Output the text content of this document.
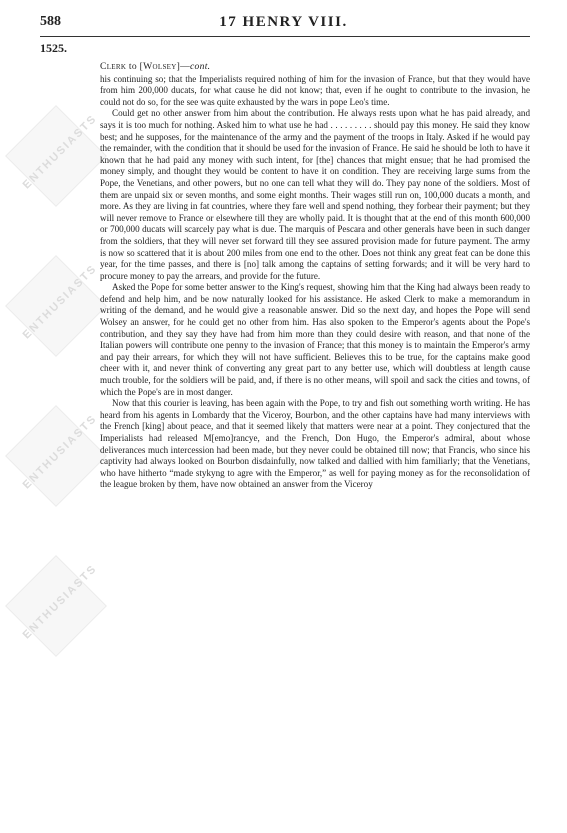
588	17 HENRY VIII.
1525.
ENTHUSIASTS
ENTHUSIASTS
ENTHUSIASTS
ENTHUSIASTS
Clerk to [Wolsey]—cont.

his continuing so; that the Imperialists required nothing of him for the invasion of France, but that they would have from him 200,000 ducats, for what cause he did not know; that, even if he ought to contribute to the invasion, he could not do so, for the see was quite exhausted by the wars in pope Leo's time.

Could get no other answer from him about the contribution. He always rests upon what he has paid already, and says it is too much for nothing. Asked him to what use he had . . . . . . . . . should pay this money. He said they know best; and he supposes, for the maintenance of the army and the payment of the troops in Italy. Asked if he would pay the remainder, with the condition that it should be used for the invasion of France. He said he should be loth to have it known that he had paid any money with such intent, for [the] chances that might ensue; that he had promised the money simply, and thought they would be content to have it on condition. They are receiving large sums from the Pope, the Venetians, and other powers, but no one can tell what they will do. They pay none of the soldiers. Most of them are unpaid six or seven months, and some eight months. Their wages still run on, 100,000 ducats a month, and more. As they are living in fat countries, where they fare well and spend nothing, they forbear their payment; but they will never remove to France or elsewhere till they are wholly paid. It is thought that at the end of this month 600,000 or 700,000 ducats will scarcely pay what is due. The marquis of Pescara and other generals have been in such danger from the soldiers, that they will never set forward till they see assured provision made for future payment. The army is now so scattered that it is about 200 miles from one end to the other. Does not think any great feat can be done this year, for the time passes, and there is [no] talk among the captains of setting forwards; and it will be very hard to procure money to pay the arrears, and provide for the future.

Asked the Pope for some better answer to the King's request, showing him that the King had always been ready to defend and help him, and be now naturally looked for his assistance. He asked Clerk to make a memorandum in writing of the demand, and he would give a reasonable answer. Did so the next day, and hopes the Pope will send Wolsey an answer, for he could get no other from him. Has also spoken to the Emperor's agents about the Pope's contribution, and they say they have had from him more than they could desire with reason, and that none of the Italian powers will contribute one penny to the invasion of France; that this money is to maintain the Emperor's army and pay their arrears, for which they will not have sufficient. Believes this to be true, for the captains make good cheer with it, and never think of converting any great part to any better use, which will doubtless at length cause much trouble, for the soldiers will be paid, and, if there is no other means, will spoil and sack the cities and towns, of which the Pope's are in most danger.

Now that this courier is leaving, has been again with the Pope, to try and fish out something worth writing. He has heard from his agents in Lombardy that the Viceroy, Bourbon, and the other captains have had many interviews with the French [king] about peace, and that it seemed likely that matters were near at a point. They conjectured that the Imperialists had released M[emo]rancye, and the French, Don Hugo, the Emperor's admiral, about whose deliverances much intercession had been made, but they never could be obtained till now; that Francis, who since his captivity had always looked on Bourbon disdainfully, now talked and dallied with him familiarly; that the Venetians, who have hitherto “made stykyng to agre with the Emperor,” as well for paying money as for the reconsolidation of the league broken by them, have now obtained an answer from the Viceroy
